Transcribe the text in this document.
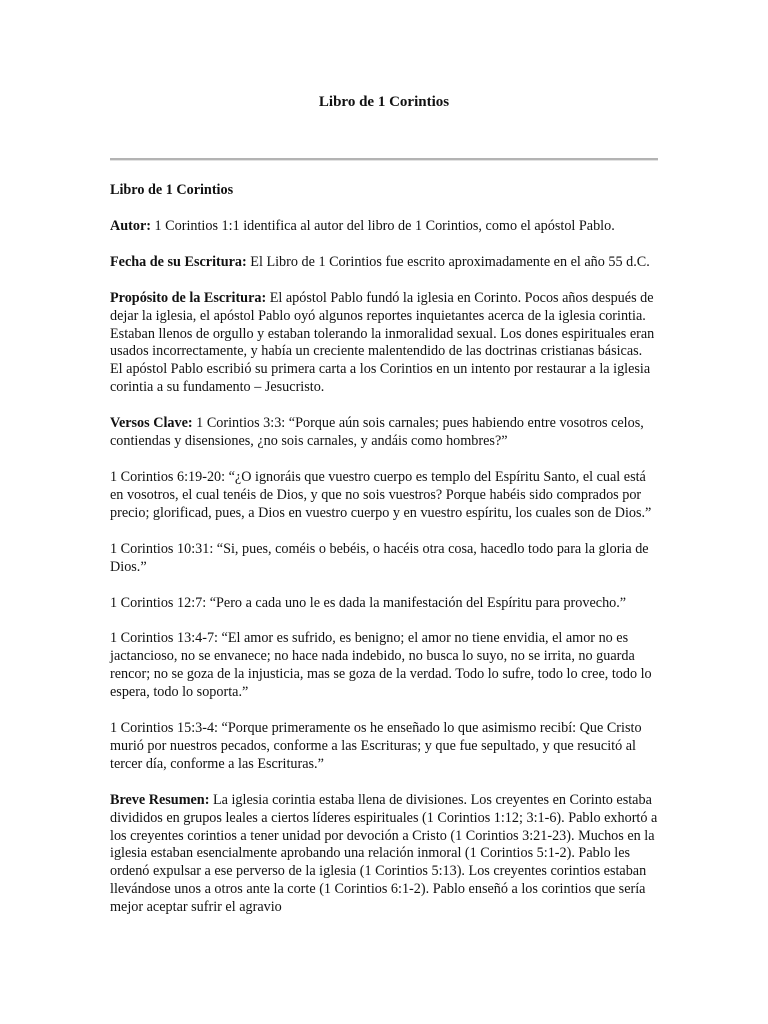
Libro de 1 Corintios
Libro de 1 Corintios

Autor: 1 Corintios 1:1 identifica al autor del libro de 1 Corintios, como el apóstol Pablo.

Fecha de su Escritura: El Libro de 1 Corintios fue escrito aproximadamente en el año 55 d.C.

Propósito de la Escritura: El apóstol Pablo fundó la iglesia en Corinto. Pocos años después de dejar la iglesia, el apóstol Pablo oyó algunos reportes inquietantes acerca de la iglesia corintia. Estaban llenos de orgullo y estaban tolerando la inmoralidad sexual. Los dones espirituales eran usados incorrectamente, y había un creciente malentendido de las doctrinas cristianas básicas. El apóstol Pablo escribió su primera carta a los Corintios en un intento por restaurar a la iglesia corintia a su fundamento – Jesucristo.

Versos Clave: 1 Corintios 3:3: “Porque aún sois carnales; pues habiendo entre vosotros celos, contiendas y disensiones, ¿no sois carnales, y andáis como hombres?”

1 Corintios 6:19-20: “¿O ignoráis que vuestro cuerpo es templo del Espíritu Santo, el cual está en vosotros, el cual tenéis de Dios, y que no sois vuestros? Porque habéis sido comprados por precio; glorificad, pues, a Dios en vuestro cuerpo y en vuestro espíritu, los cuales son de Dios.”

1 Corintios 10:31: “Si, pues, coméis o bebéis, o hacéis otra cosa, hacedlo todo para la gloria de Dios.”

1 Corintios 12:7: “Pero a cada uno le es dada la manifestación del Espíritu para provecho.”

1 Corintios 13:4-7: “El amor es sufrido, es benigno; el amor no tiene envidia, el amor no es jactancioso, no se envanece; no hace nada indebido, no busca lo suyo, no se irrita, no guarda rencor; no se goza de la injusticia, mas se goza de la verdad. Todo lo sufre, todo lo cree, todo lo espera, todo lo soporta.”

1 Corintios 15:3-4: “Porque primeramente os he enseñado lo que asimismo recibí: Que Cristo murió por nuestros pecados, conforme a las Escrituras; y que fue sepultado, y que resucitó al tercer día, conforme a las Escrituras.”

Breve Resumen: La iglesia corintia estaba llena de divisiones. Los creyentes en Corinto estaba divididos en grupos leales a ciertos líderes espirituales (1 Corintios 1:12; 3:1-6). Pablo exhortó a los creyentes corintios a tener unidad por devoción a Cristo (1 Corintios 3:21-23). Muchos en la iglesia estaban esencialmente aprobando una relación inmoral (1 Corintios 5:1-2). Pablo les ordenó expulsar a ese perverso de la iglesia (1 Corintios 5:13). Los creyentes corintios estaban llevándose unos a otros ante la corte (1 Corintios 6:1-2). Pablo enseñó a los corintios que sería mejor aceptar sufrir el agravio
